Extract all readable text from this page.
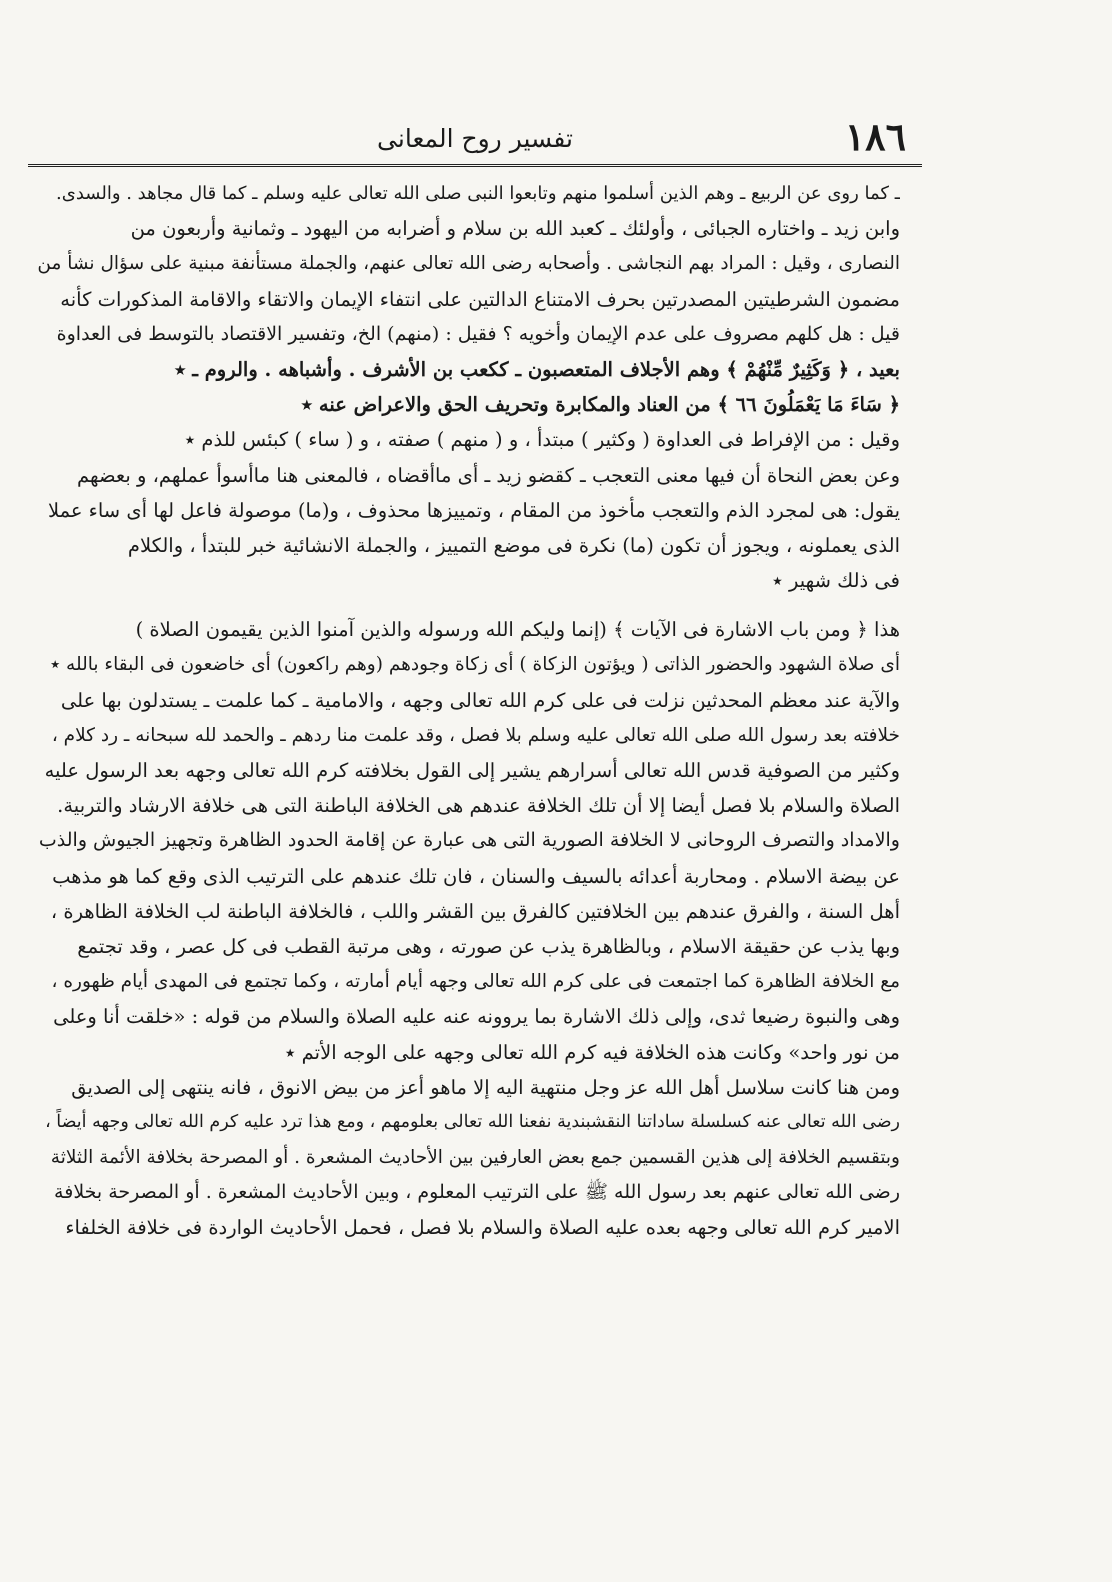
١٨٦
تفسير روح المعانى
ـ كما روى عن الربيع ـ وهم الذين أسلموا منهم وتابعوا النبى صلى الله تعالى عليه وسلم ـ كما قال مجاهد . والسدى.
وابن زيد ـ واختاره الجبائى ، وأولئك ـ كعبد الله بن سلام و أضرابه من اليهود ـ وثمانية وأربعون من
النصارى ، وقيل : المراد بهم النجاشى . وأصحابه رضى الله تعالى عنهم، والجملة مستأنفة مبنية على سؤال نشأ من
مضمون الشرطيتين المصدرتين بحرف الامتناع الدالتين على انتفاء الإيمان والاتقاء والاقامة المذكورات كأنه
قيل : هل كلهم مصروف على عدم الإيمان وأخويه ؟ فقيل : (منهم) الخ، وتفسير الاقتصاد بالتوسط فى العداوة
بعيد ، ﴿ وَكَثِيرٌ مِّنْهُمْ ﴾ وهم الأجلاف المتعصبون ـ ككعب بن الأشرف . وأشباهه . والروم ـ ٭
﴿ سَاءَ مَا يَعْمَلُونَ ٦٦ ﴾ من العناد والمكابرة وتحريف الحق والاعراض عنه ٭
وقيل : من الإفراط فى العداوة ( وكثير ) مبتدأ ، و ( منهم ) صفته ، و ( ساء ) كبئس للذم ٭
وعن بعض النحاة أن فيها معنى التعجب ـ كقضو زيد ـ أى ماأقضاه ، فالمعنى هنا ماأسوأ عملهم، و بعضهم
يقول: هى لمجرد الذم والتعجب مأخوذ من المقام ، وتمييزها محذوف ، و(ما) موصولة فاعل لها أى ساء عملا
الذى يعملونه ، ويجوز أن تكون (ما) نكرة فى موضع التمييز ، والجملة الانشائية خبر للبتدأ ، والكلام
فى ذلك شهير ٭
هذا ﴿ ومن باب الاشارة فى الآيات ﴾ (إنما وليكم الله ورسوله والذين آمنوا الذين يقيمون الصلاة )
أى صلاة الشهود والحضور الذاتى ( ويؤتون الزكاة ) أى زكاة وجودهم (وهم راكعون) أى خاضعون فى البقاء بالله ٭
والآية عند معظم المحدثين نزلت فى على كرم الله تعالى وجهه ، والامامية ـ كما علمت ـ يستدلون بها على
خلافته بعد رسول الله صلى الله تعالى عليه وسلم بلا فصل ، وقد علمت منا ردهم ـ والحمد لله سبحانه ـ رد كلام ،
وكثير من الصوفية قدس الله تعالى أسرارهم يشير إلى القول بخلافته كرم الله تعالى وجهه بعد الرسول عليه
الصلاة والسلام بلا فصل أيضا إلا أن تلك الخلافة عندهم هى الخلافة الباطنة التى هى خلافة الارشاد والتربية.
والامداد والتصرف الروحانى لا الخلافة الصورية التى هى عبارة عن إقامة الحدود الظاهرة وتجهيز الجيوش والذب
عن بيضة الاسلام . ومحاربة أعدائه بالسيف والسنان ، فان تلك عندهم على الترتيب الذى وقع كما هو مذهب
أهل السنة ، والفرق عندهم بين الخلافتين كالفرق بين القشر واللب ، فالخلافة الباطنة لب الخلافة الظاهرة ،
وبها يذب عن حقيقة الاسلام ، وبالظاهرة يذب عن صورته ، وهى مرتبة القطب فى كل عصر ، وقد تجتمع
مع الخلافة الظاهرة كما اجتمعت فى على كرم الله تعالى وجهه أيام أمارته ، وكما تجتمع فى المهدى أيام ظهوره ،
وهى والنبوة رضيعا ثدى، وإلى ذلك الاشارة بما يروونه عنه عليه الصلاة والسلام من قوله : «خلقت أنا وعلى
من نور واحد» وكانت هذه الخلافة فيه كرم الله تعالى وجهه على الوجه الأتم ٭
ومن هنا كانت سلاسل أهل الله عز وجل منتهية اليه إلا ماهو أعز من بيض الانوق ، فانه ينتهى إلى الصديق
رضى الله تعالى عنه كسلسلة ساداتنا النقشبندية نفعنا الله تعالى بعلومهم ، ومع هذا ترد عليه كرم الله تعالى وجهه أيضاً ،
وبتقسيم الخلافة إلى هذين القسمين جمع بعض العارفين بين الأحاديث المشعرة . أو المصرحة بخلافة الأئمة الثلاثة
رضى الله تعالى عنهم بعد رسول الله ﷺ على الترتيب المعلوم ، وبين الأحاديث المشعرة . أو المصرحة بخلافة
الامير كرم الله تعالى وجهه بعده عليه الصلاة والسلام بلا فصل ، فحمل الأحاديث الواردة فى خلافة الخلفاء
